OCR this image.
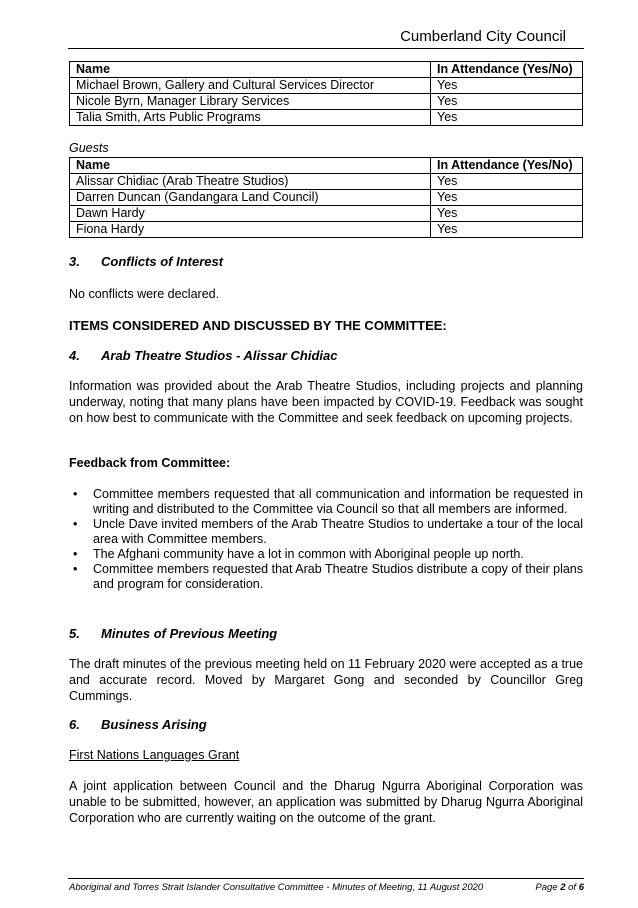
Cumberland City Council
Name	In Attendance (Yes/No)
Michael Brown, Gallery and Cultural Services Director	Yes
Nicole Byrn, Manager Library Services	Yes
Talia Smith, Arts Public Programs	Yes
Guests
Name	In Attendance (Yes/No)
Alissar Chidiac (Arab Theatre Studios)	Yes
Darren Duncan (Gandangara Land Council)	Yes
Dawn Hardy	Yes
Fiona Hardy	Yes
3. Conflicts of Interest

No conflicts were declared.

ITEMS CONSIDERED AND DISCUSSED BY THE COMMITTEE:
4. Arab Theatre Studios - Alissar Chidiac

Information was provided about the Arab Theatre Studios, including projects and planning underway, noting that many plans have been impacted by COVID-19. Feedback was sought on how best to communicate with the Committee and seek feedback on upcoming projects.

Feedback from Committee:
• Committee members requested that all communication and information be requested in writing and distributed to the Committee via Council so that all members are informed.
• Uncle Dave invited members of the Arab Theatre Studios to undertake a tour of the local area with Committee members.
• The Afghani community have a lot in common with Aboriginal people up north.
• Committee members requested that Arab Theatre Studios distribute a copy of their plans and program for consideration.
5. Minutes of Previous Meeting

The draft minutes of the previous meeting held on 11 February 2020 were accepted as a true and accurate record. Moved by Margaret Gong and seconded by Councillor Greg Cummings.

6. Business Arising
First Nations Languages Grant

A joint application between Council and the Dharug Ngurra Aboriginal Corporation was unable to be submitted, however, an application was submitted by Dharug Ngurra Aboriginal Corporation who are currently waiting on the outcome of the grant.

Aboriginal and Torres Strait Islander Consultative Committee - Minutes of Meeting, 11 August 2020	Page 2 of 6
